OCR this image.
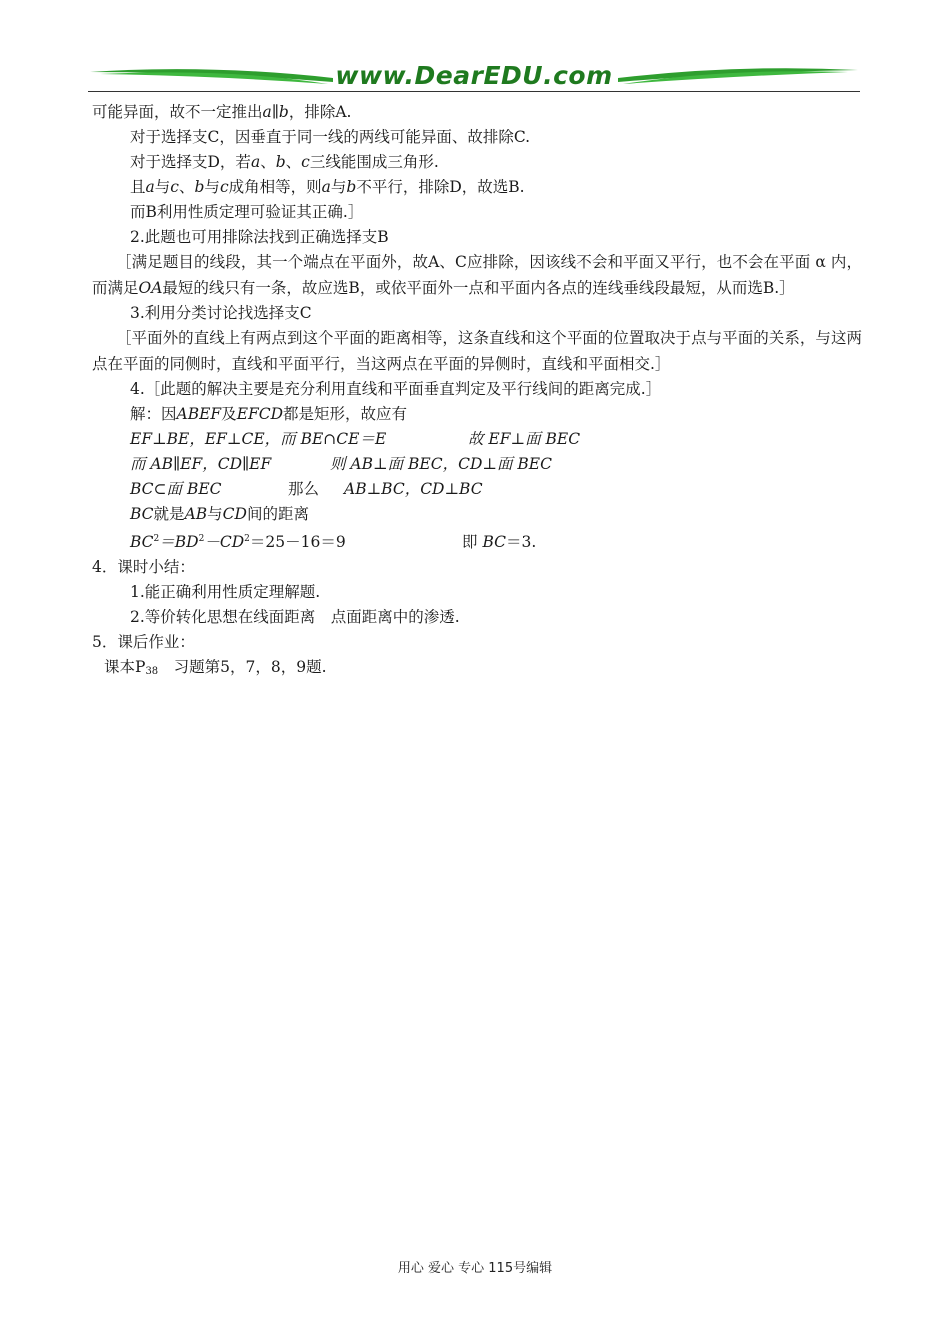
www.DearEDU.com

可能异面，故不一定推出a∥b，排除A.

对于选择支C，因垂直于同一线的两线可能异面、故排除C.

对于选择支D，若a、b、c三线能围成三角形.

且a与c、b与c成角相等，则a与b不平行，排除D，故选B.

而B利用性质定理可验证其正确.］

2.此题也可用排除法找到正确选择支B

［满足题目的线段，其一个端点在平面外，故A、C应排除，因该线不会和平面又平行，也不会在平面 α 内，而满足OA最短的线只有一条，故应选B，或依平面外一点和平面内各点的连线垂线段最短，从而选B.］

3.利用分类讨论找选择支C

［平面外的直线上有两点到这个平面的距离相等，这条直线和这个平面的位置取决于点与平面的关系，与这两点在平面的同侧时，直线和平面平行，当这两点在平面的异侧时，直线和平面相交.］

4.［此题的解决主要是充分利用直线和平面垂直判定及平行线间的距离完成.］

解：因ABEF及EFCD都是矩形，故应有

EF⊥BE，EF⊥CE，而 BE∩CE＝E	故 EF⊥面 BEC

而 AB∥EF，CD∥EF	则 AB⊥面 BEC，CD⊥面 BEC

BC⊂面 BEC	那么 AB⊥BC，CD⊥BC

BC就是AB与CD间的距离

$BC^2=BD^2-CD^2=25-16=9$	即 BC＝3.

4．课时小结：

1.能正确利用性质定理解题.

2.等价转化思想在线面距离　点面距离中的渗透.

5．课后作业：

课本$P_{38}$　习题第5，7，8，9题.

用心 爱心 专心 115号编辑
